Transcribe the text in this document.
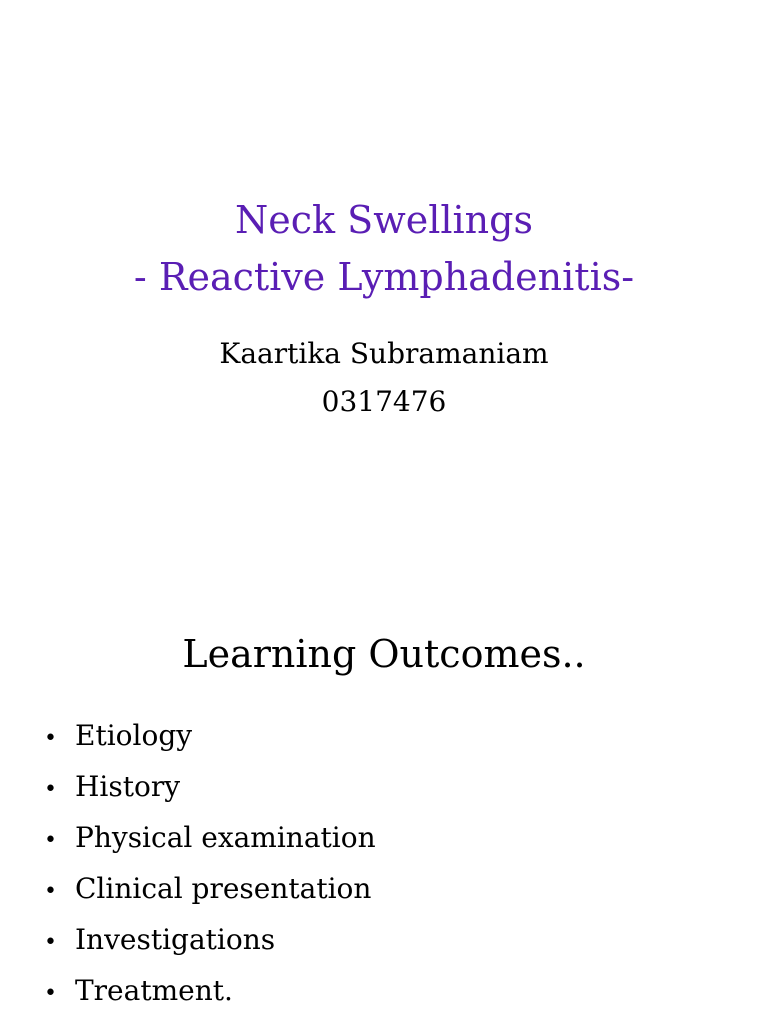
Neck Swellings
- Reactive Lymphadenitis-
Kaartika Subramaniam
0317476
Learning Outcomes..
• Etiology
• History
• Physical examination
• Clinical presentation
• Investigations
• Treatment.
